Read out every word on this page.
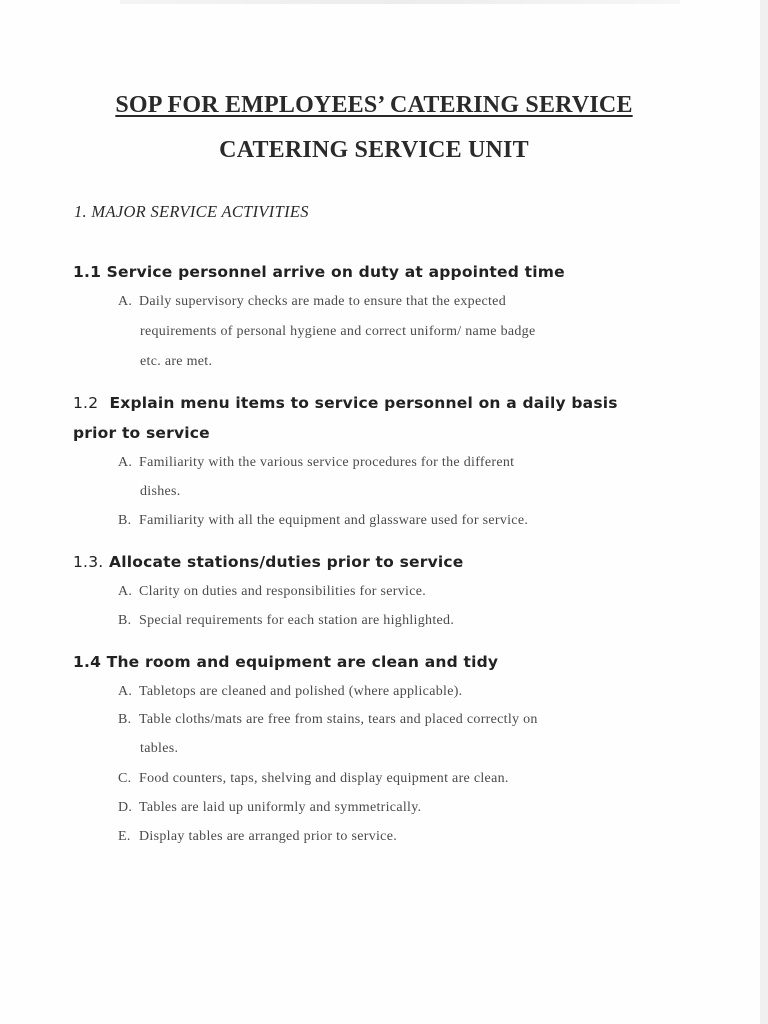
SOP FOR EMPLOYEES’ CATERING SERVICE
CATERING SERVICE UNIT
1. MAJOR SERVICE ACTIVITIES
1.1 Service personnel arrive on duty at appointed time
A. Daily supervisory checks are made to ensure that the expected
requirements of personal hygiene and correct uniform/ name badge
etc. are met.
1.2 Explain menu items to service personnel on a daily basis
prior to service
A. Familiarity with the various service procedures for the different
dishes.
B. Familiarity with all the equipment and glassware used for service.
1.3. Allocate stations/duties prior to service
A. Clarity on duties and responsibilities for service.
B. Special requirements for each station are highlighted.
1.4 The room and equipment are clean and tidy
A. Tabletops are cleaned and polished (where applicable).
B. Table cloths/mats are free from stains, tears and placed correctly on
tables.
C. Food counters, taps, shelving and display equipment are clean.
D. Tables are laid up uniformly and symmetrically.
E. Display tables are arranged prior to service.
